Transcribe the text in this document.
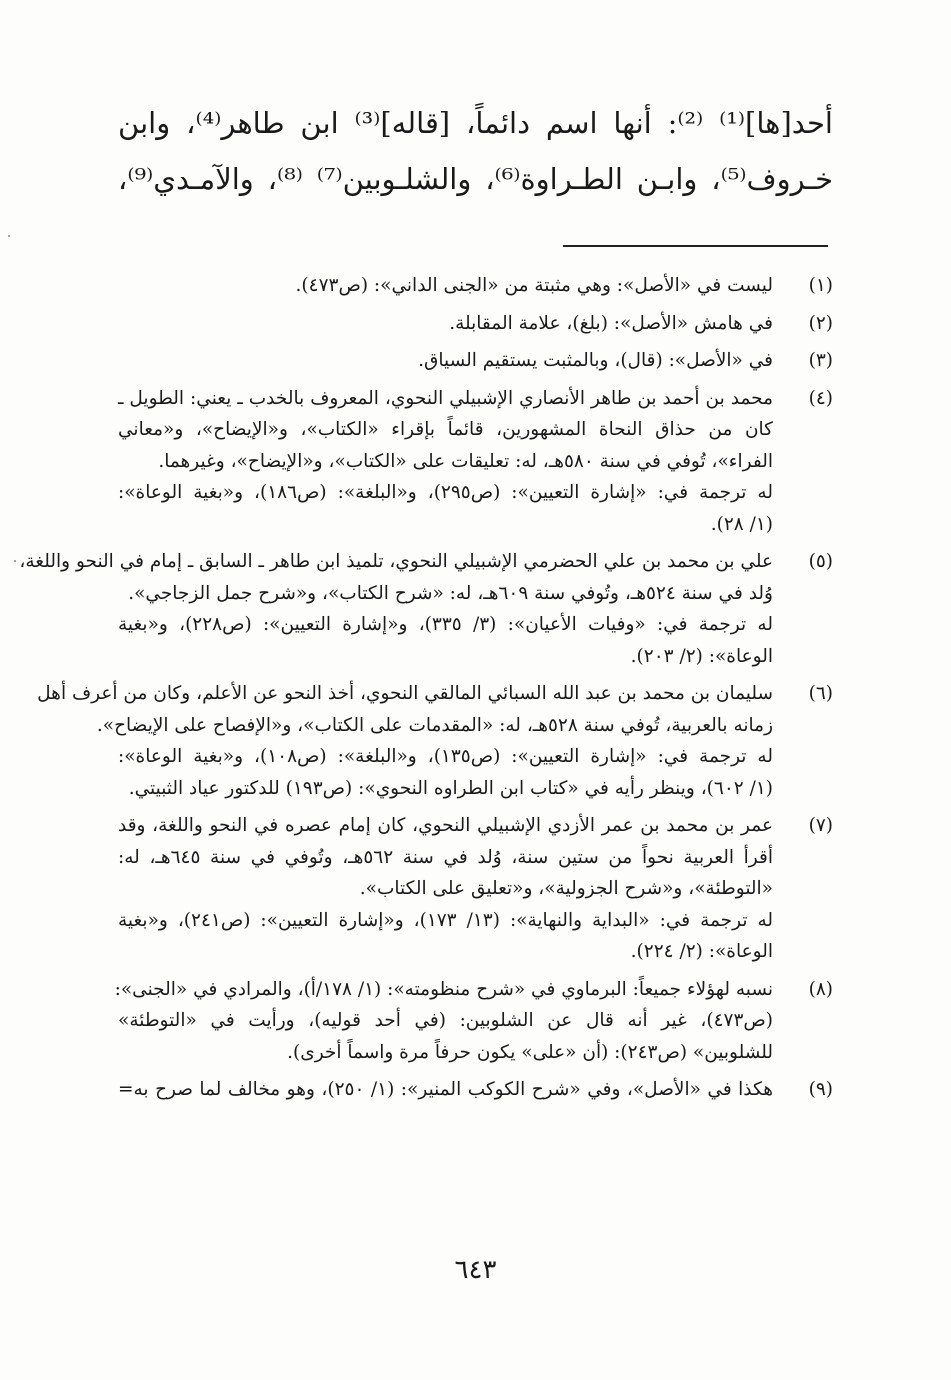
أحد[ها]⁽¹⁾ ⁽²⁾: أنها اسم دائماً، [قاله]⁽³⁾ ابن طاهر⁽⁴⁾، وابن
خـروف⁽⁵⁾، وابـن الطـراوة⁽⁶⁾، والشلـوبين⁽⁷⁾ ⁽⁸⁾، والآمـدي⁽⁹⁾،
(١)
ليست في «الأصل»: وهي مثبتة من «الجنى الداني»: (ص٤٧٣).
(٢)
في هامش «الأصل»: (بلغ)، علامة المقابلة.
(٣)
في «الأصل»: (قال)، وبالمثبت يستقيم السياق.
(٤)
محمد بن أحمد بن طاهر الأنصاري الإشبيلي النحوي، المعروف بالخدب ـ يعني: الطويل ـ
كان من حذاق النحاة المشهورين، قائماً بإقراء «الكتاب»، و«الإيضاح»، و«معاني
الفراء»، تُوفي في سنة ٥٨٠هـ، له: تعليقات على «الكتاب»، و«الإيضاح»، وغيرهما.
له ترجمة في: «إشارة التعيين»: (ص٢٩٥)، و«البلغة»: (ص١٨٦)، و«بغية الوعاة»:
(١/ ٢٨).
(٥)
علي بن محمد بن علي الحضرمي الإشبيلي النحوي، تلميذ ابن طاهر ـ السابق ـ إمام في النحو واللغة،
وُلد في سنة ٥٢٤هـ، وتُوفي سنة ٦٠٩هـ، له: «شرح الكتاب»، و«شرح جمل الزجاجي».
له ترجمة في: «وفيات الأعيان»: (٣/ ٣٣٥)، و«إشارة التعيين»: (ص٢٢٨)، و«بغية
الوعاة»: (٢/ ٢٠٣).
(٦)
سليمان بن محمد بن عبد الله السبائي المالقي النحوي، أخذ النحو عن الأعلم، وكان من أعرف أهل
زمانه بالعربية، تُوفي سنة ٥٢٨هـ، له: «المقدمات على الكتاب»، و«الإفصاح على الإيضاح».
له ترجمة في: «إشارة التعيين»: (ص١٣٥)، و«البلغة»: (ص١٠٨)، و«بغية الوعاة»:
(١/ ٦٠٢)، وينظر رأيه في «كتاب ابن الطراوه النحوي»: (ص١٩٣) للدكتور عياد الثبيتي.
(٧)
عمر بن محمد بن عمر الأزدي الإشبيلي النحوي، كان إمام عصره في النحو واللغة، وقد
أقرأ العربية نحواً من ستين سنة، وُلد في سنة ٥٦٢هـ، وتُوفي في سنة ٦٤٥هـ، له:
«التوطئة»، و«شرح الجزولية»، و«تعليق على الكتاب».
له ترجمة في: «البداية والنهاية»: (١٣/ ١٧٣)، و«إشارة التعيين»: (ص٢٤١)، و«بغية
الوعاة»: (٢/ ٢٢٤).
(٨)
نسبه لهؤلاء جميعاً: البرماوي في «شرح منظومته»: (١/ ١٧٨/أ)، والمرادي في «الجنى»:
(ص٤٧٣)، غير أنه قال عن الشلوبين: (في أحد قوليه)، ورأيت في «التوطئة»
للشلوبين» (ص٢٤٣): (أن «على» يكون حرفاً مرة واسماً أخرى).
(٩)
هكذا في «الأصل»، وفي «شرح الكوكب المنير»: (١/ ٢٥٠)، وهو مخالف لما صرح به=
٦٤٣
